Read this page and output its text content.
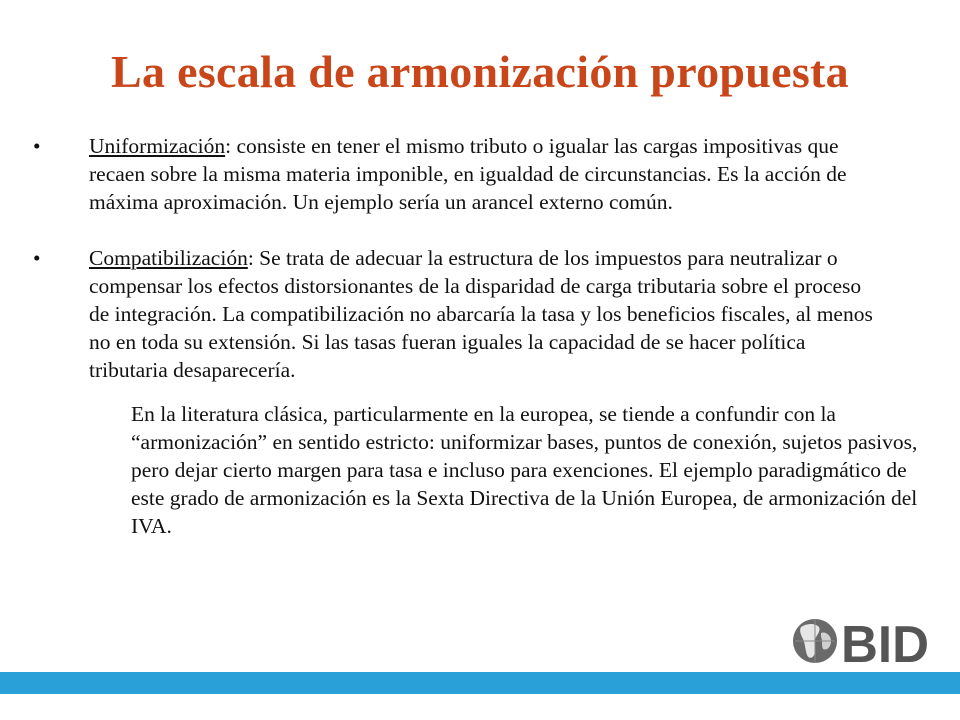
La escala de armonización propuesta
• Uniformización: consiste en tener el mismo tributo o igualar las cargas impositivas que recaen sobre la misma materia imponible, en igualdad de circunstancias. Es la acción de máxima aproximación. Un ejemplo sería un arancel externo común.
• Compatibilización: Se trata de adecuar la estructura de los impuestos para neutralizar o compensar los efectos distorsionantes de la disparidad de carga tributaria sobre el proceso de integración. La compatibilización no abarcaría la tasa y los beneficios fiscales, al menos no en toda su extensión. Si las tasas fueran iguales la capacidad de se hacer política tributaria desaparecería.
En la literatura clásica, particularmente en la europea, se tiende a confundir con la “armonización” en sentido estricto: uniformizar bases, puntos de conexión, sujetos pasivos, pero dejar cierto margen para tasa e incluso para exenciones. El ejemplo paradigmático de este grado de armonización es la Sexta Directiva de la Unión Europea, de armonización del IVA.
BID
